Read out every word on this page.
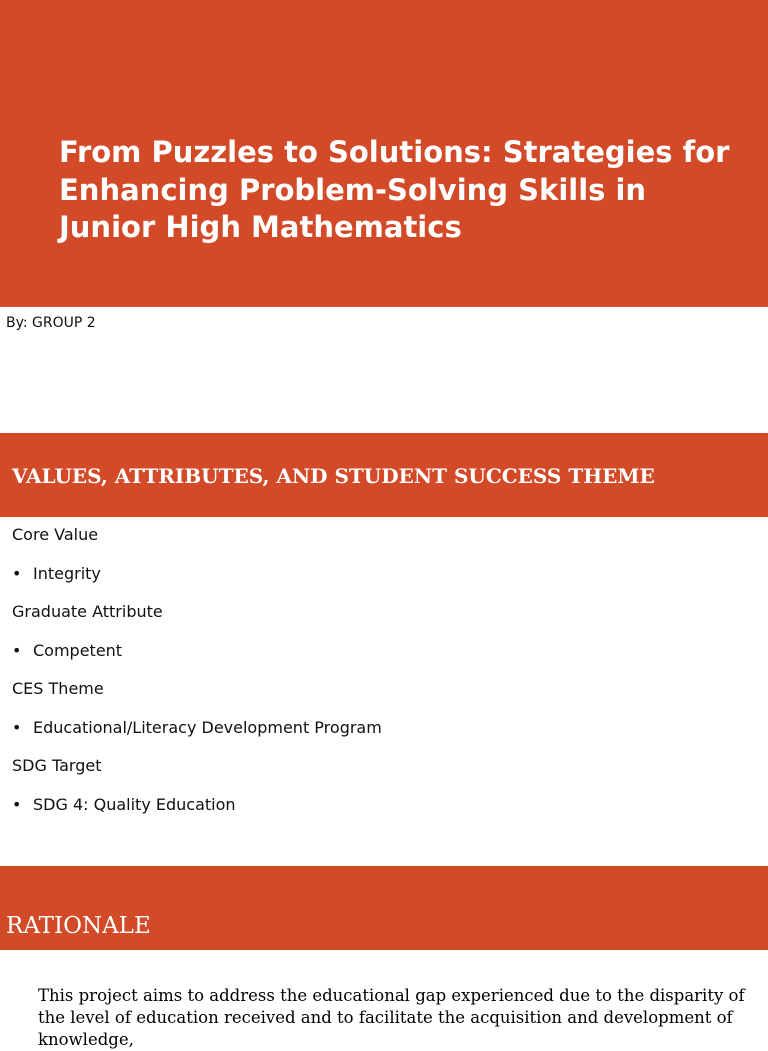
From Puzzles to Solutions: Strategies for Enhancing Problem-Solving Skills in Junior High Mathematics
By: GROUP 2
VALUES, ATTRIBUTES, AND STUDENT SUCCESS THEME
Core Value
• Integrity
Graduate Attribute
• Competent
CES Theme
• Educational/Literacy Development Program
SDG Target
• SDG 4: Quality Education
RATIONALE

This project aims to address the educational gap experienced due to the disparity of the level of education received and to facilitate the acquisition and development of knowledge,
